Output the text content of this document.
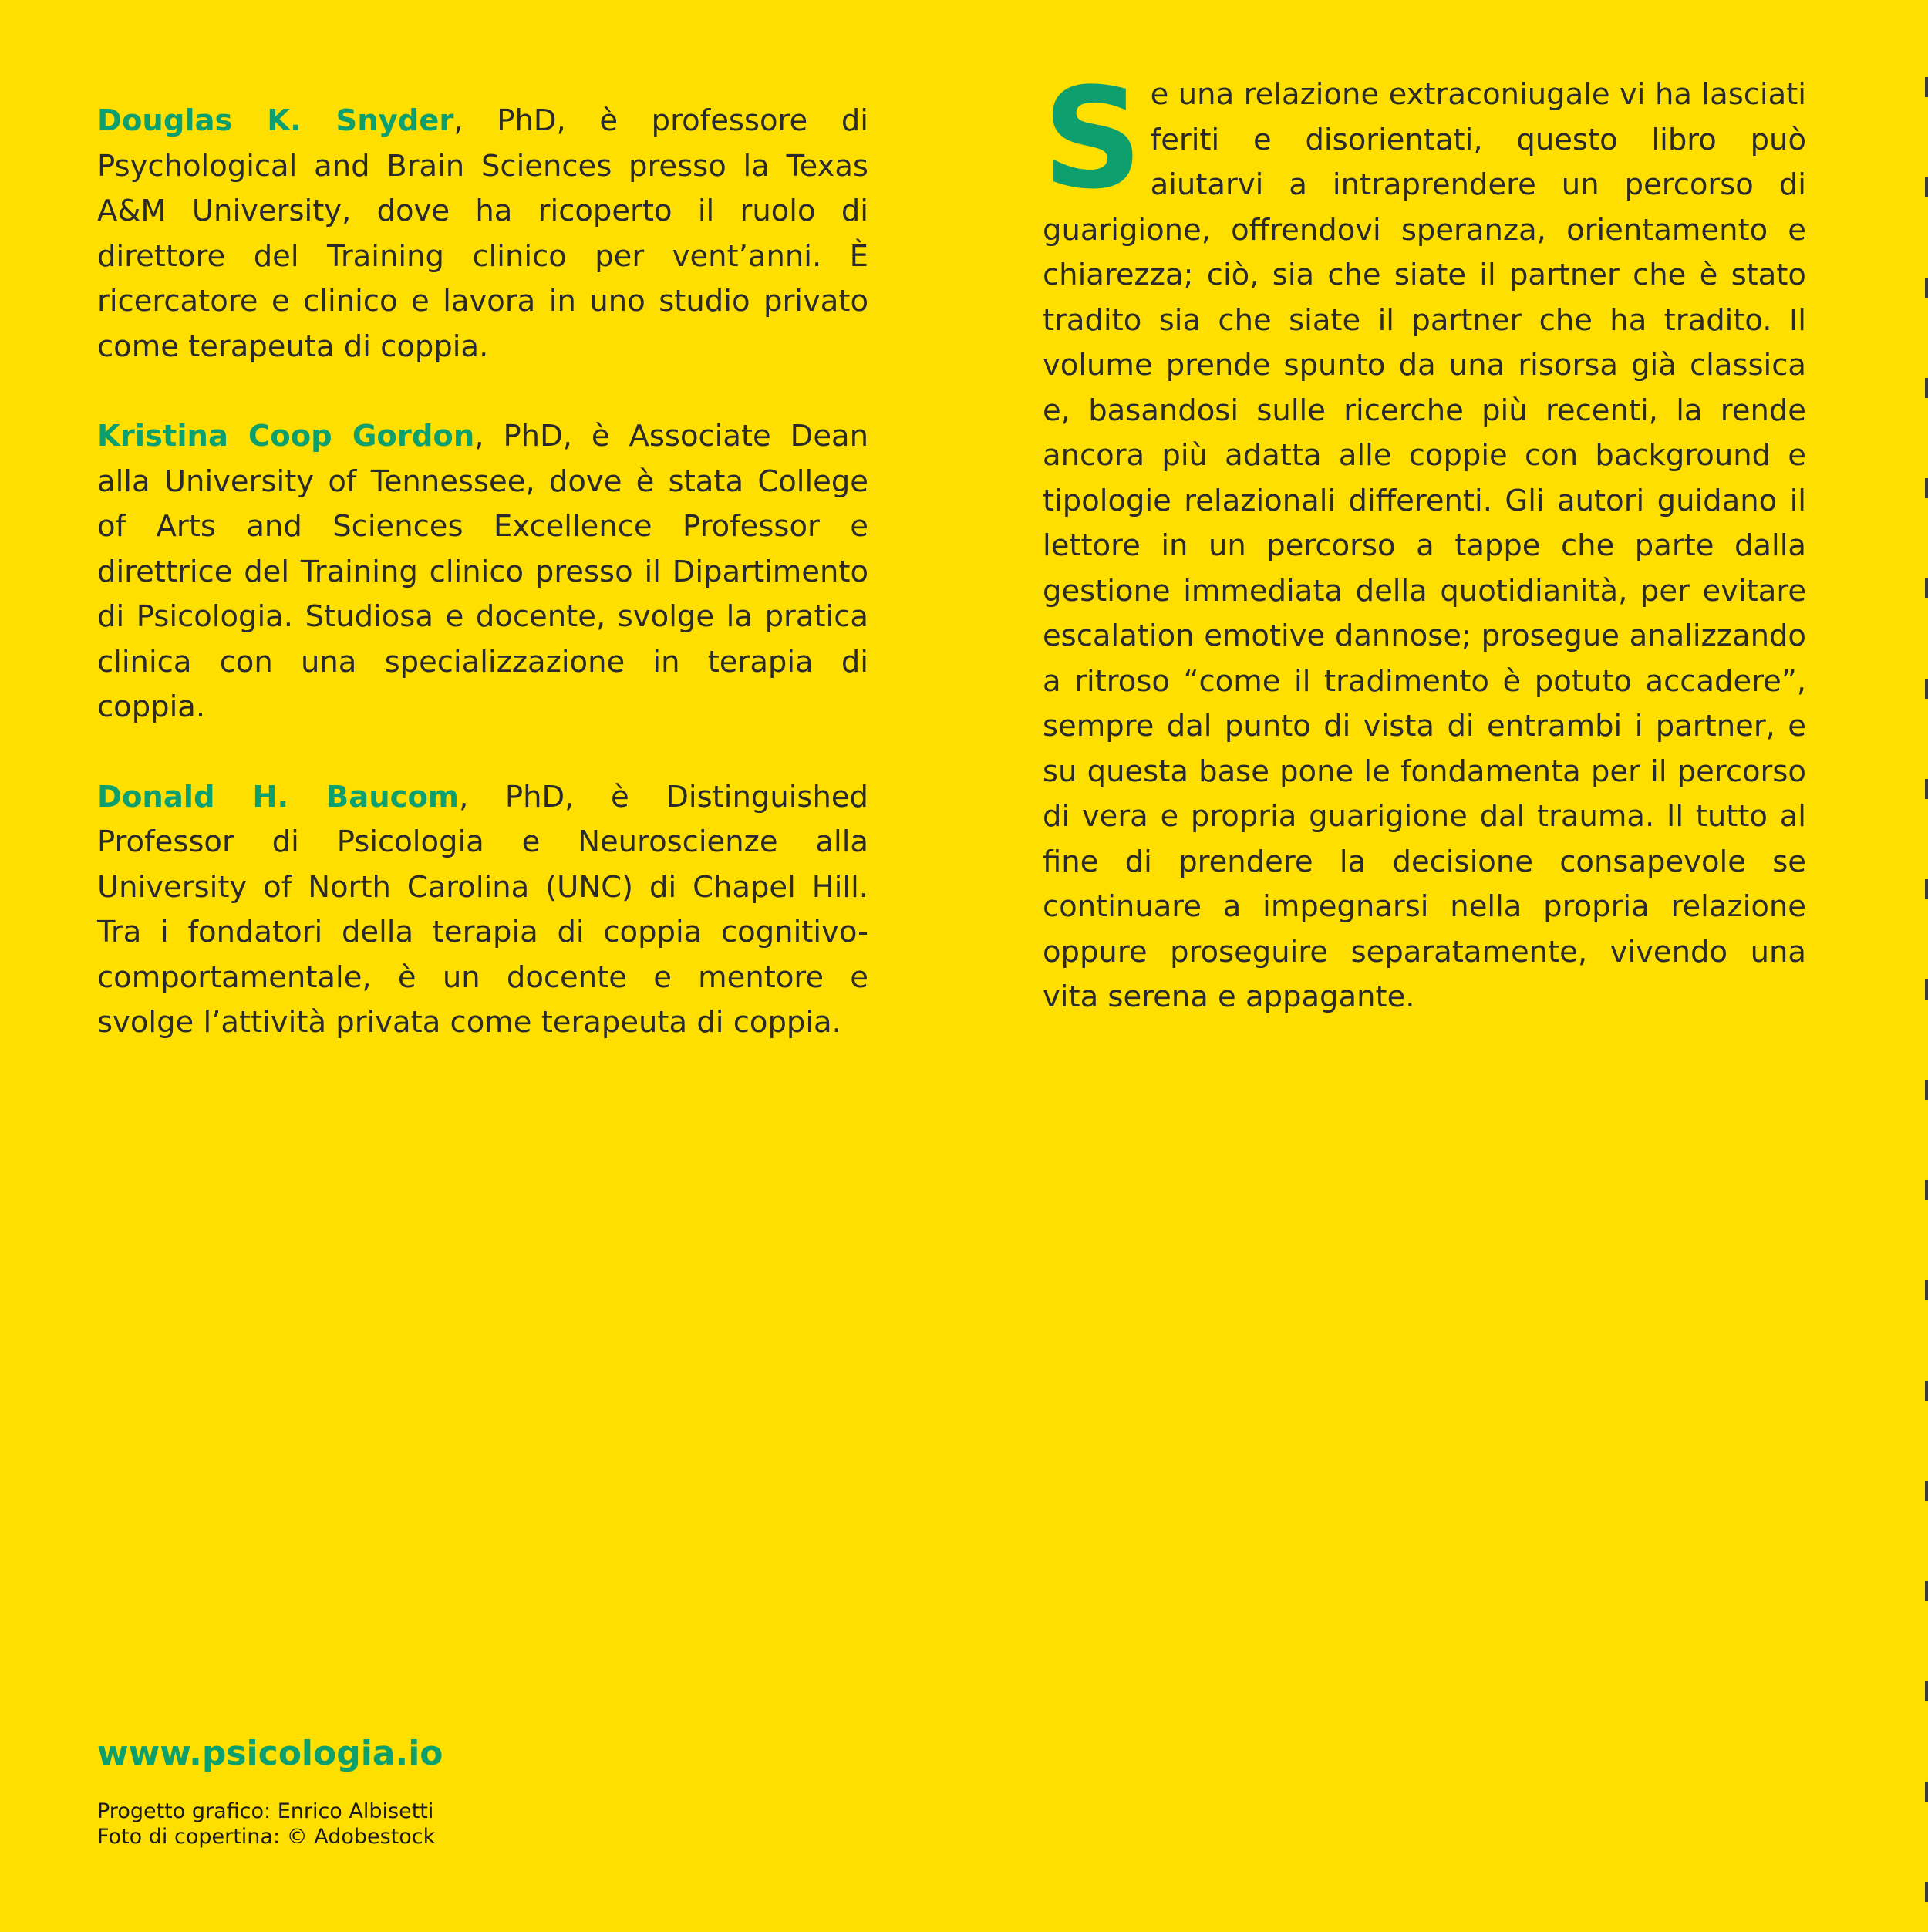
Douglas K. Snyder, PhD, è professore di Psychological and Brain Sciences presso la Texas A&M University, dove ha ricoperto il ruolo di direttore del Training clinico per vent’anni. È ricercatore e clinico e lavora in uno studio privato come terapeuta di coppia.

Kristina Coop Gordon, PhD, è Associate Dean alla University of Tennessee, dove è stata College of Arts and Sciences Excellence Professor e direttrice del Training clinico presso il Dipartimento di Psicologia. Studiosa e docente, svolge la pratica clinica con una specializzazione in terapia di coppia.

Donald H. Baucom, PhD, è Distinguished Professor di Psicologia e Neuroscienze alla University of North Carolina (UNC) di Chapel Hill. Tra i fondatori della terapia di coppia cognitivo-comportamentale, è un docente e mentore e svolge l’attività privata come terapeuta di coppia.

Se una relazione extraconiugale vi ha lasciati feriti e disorientati, questo libro può aiutarvi a intraprendere un percorso di guarigione, offrendovi speranza, orientamento e chiarezza; ciò, sia che siate il partner che è stato tradito sia che siate il partner che ha tradito. Il volume prende spunto da una risorsa già classica e, basandosi sulle ricerche più recenti, la rende ancora più adatta alle coppie con background e tipologie relazionali differenti. Gli autori guidano il lettore in un percorso a tappe che parte dalla gestione immediata della quotidianità, per evitare escalation emotive dannose; prosegue analizzando a ritroso “come il tradimento è potuto accadere”, sempre dal punto di vista di entrambi i partner, e su questa base pone le fondamenta per il percorso di vera e propria guarigione dal trauma. Il tutto al fine di prendere la decisione consapevole se continuare a impegnarsi nella propria relazione oppure proseguire separatamente, vivendo una vita serena e appagante.
www.psicologia.io
Progetto grafico: Enrico Albisetti
Foto di copertina: © Adobestock
